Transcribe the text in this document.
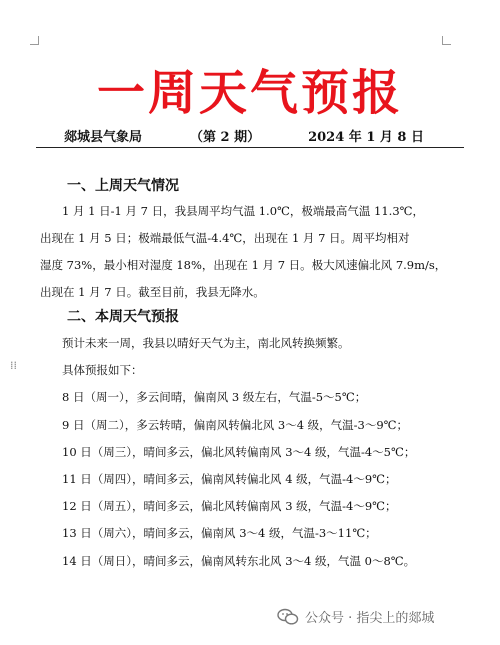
⁞⁞
一周天气预报
郯城县气象局	（第 2 期）	2024 年 1 月 8 日
一、上周天气情况

1 月 1 日-1 月 7 日，我县周平均气温 1.0℃，极端最高气温 11.3℃，

出现在 1 月 5 日；极端最低气温-4.4℃，出现在 1 月 7 日。周平均相对

湿度 73%，最小相对湿度 18%，出现在 1 月 7 日。极大风速偏北风 7.9m/s，

出现在 1 月 7 日。截至目前，我县无降水。

二、本周天气预报

预计未来一周，我县以晴好天气为主，南北风转换频繁。

具体预报如下：

8 日（周一），多云间晴，偏南风 3 级左右，气温-5～5℃；

9 日（周二），多云转晴，偏南风转偏北风 3～4 级，气温-3～9℃；

10 日（周三），晴间多云，偏北风转偏南风 3～4 级，气温-4～5℃；

11 日（周四），晴间多云，偏南风转偏北风 4 级，气温-4～9℃；

12 日（周五），晴间多云，偏北风转偏南风 3 级，气温-4～9℃；

13 日（周六），晴间多云，偏南风 3～4 级，气温-3～11℃；

14 日（周日），晴间多云，偏南风转东北风 3～4 级，气温 0～8℃。

公众号 · 指尖上的郯城
